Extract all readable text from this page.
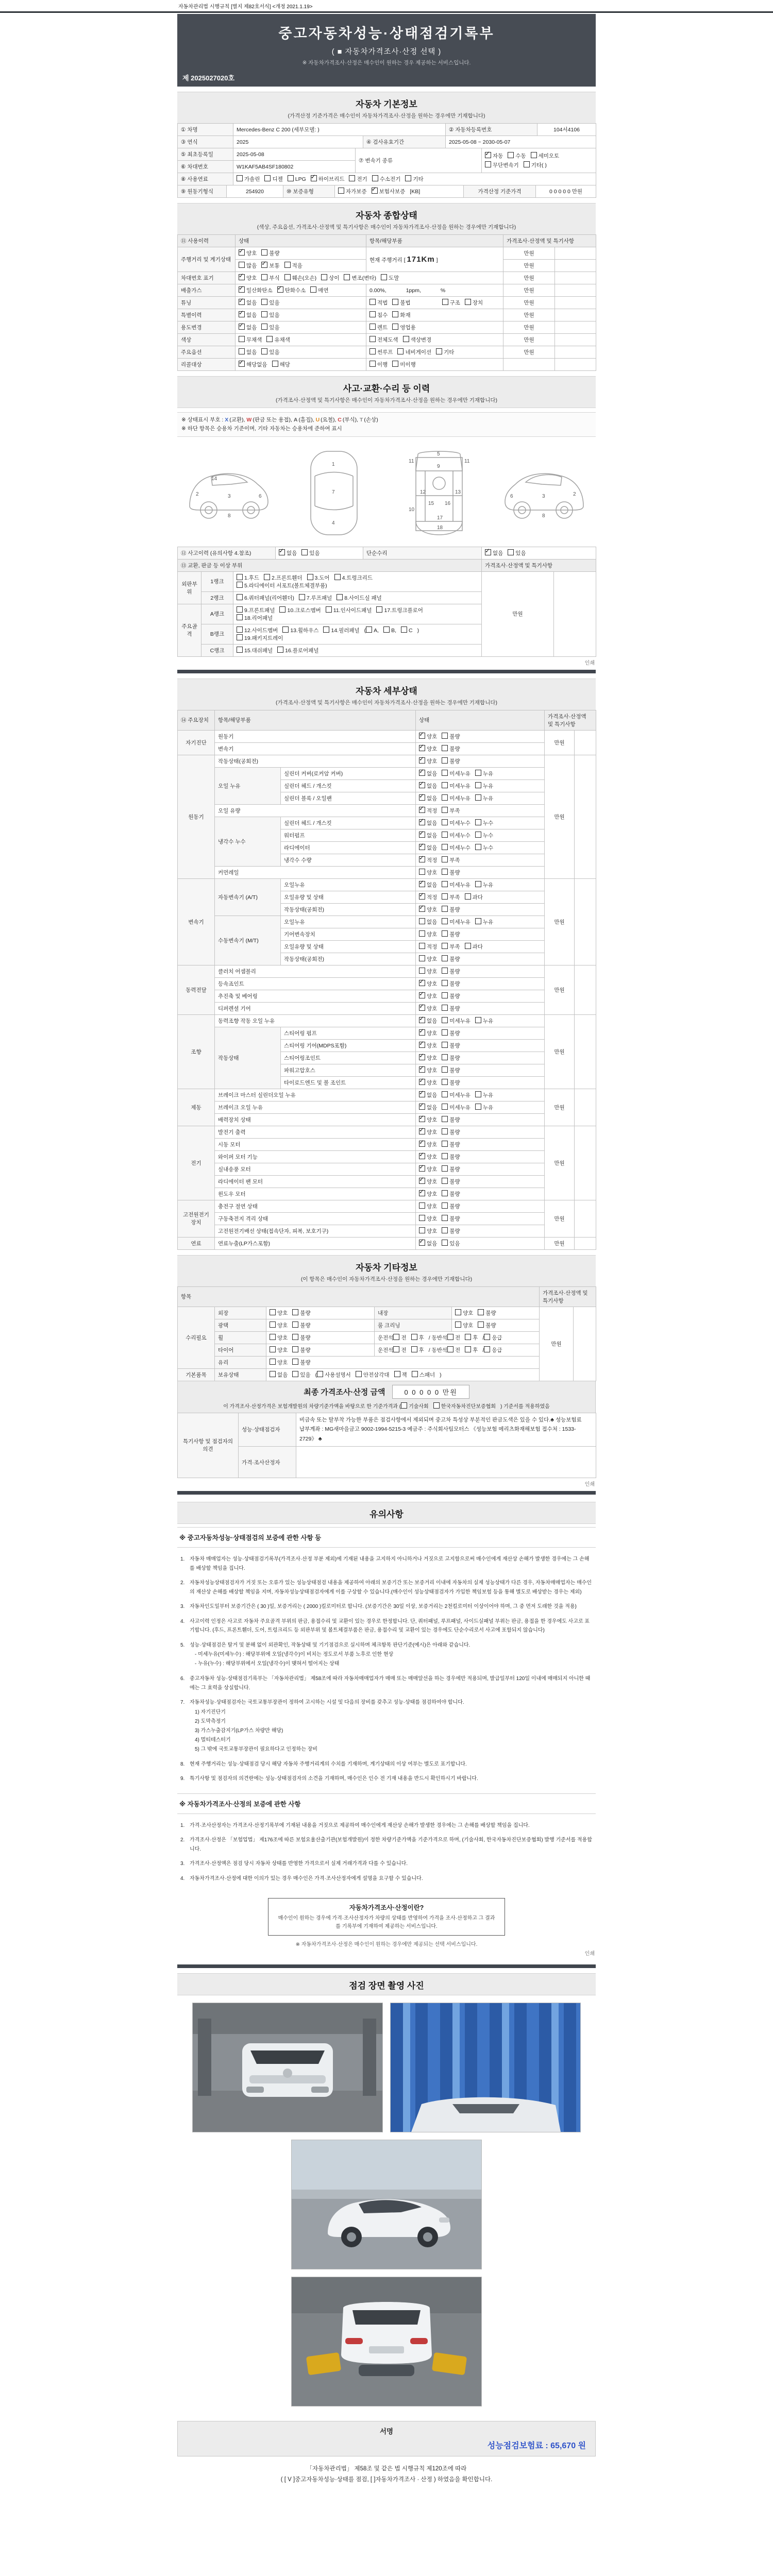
자동차관리법 시행규칙 [별지 제82호서식] <개정 2021.1.19>
중고자동차성능·상태점검기록부
( ■ 자동차가격조사·산정 선택 )
※ 자동차가격조사·산정은 매수인이 원하는 경우 제공하는 서비스입니다.
제 2025027020호
자동차 기본정보
(가격산정 기준가격은 매수인이 자동차가격조사·산정을 원하는 경우에만 기재합니다)
① 차명	Mercedes-Benz C 200 (세부모델: )	② 자동차등록번호	104서4106
③ 연식	2025	④ 검사유효기간	2025-05-08 ~ 2030-05-07
⑤ 최초등록일	2025-05-08	⑦ 변속기 종류	
✓자동 수동 세미오토
무단변속기 기타( )

⑥ 차대번호	W1KAF5AB4SF180802		
⑧ 사용연료	가솔린 디젤 LPG ✓ 하이브리드 전기 수소전기 기타
⑨ 원동기형식	254920	⑩ 보증유형	자가보증 ✓ 보험사보증 [KB]	가격산정 기준가격	0 0 0 0 0 만원
자동차 종합상태
(색상, 주요옵션, 가격조사·산정액 및 특기사항은 매수인이 자동차가격조사·산정을 원하는 경우에만 기재합니다)
⑪ 사용이력	상태	항목/해당부품	가격조사·산정액 및 특기사항	
주행거리 및 계기상태	✓양호 불량	현재 주행거리 [ 171Km ]	만원	
	많음 ✓ 보통 적음		만원	
차대번호 표기	✓양호 부식 훼손(오손) 상이 변조(변타) 도말		만원	
배출가스	✓일산화탄소 ✓ 탄화수소 매연	0.00%, 1ppm, %	만원	
튜닝	✓없음 있음	적법 불법 구조 장치	만원	
특별이력	✓없음 있음	침수 화재	만원	
용도변경	✓없음 있음	렌트 영업용	만원	
색상	무채색 유채색	전체도색 색상변경	만원	
주요옵션	없음 있음	썬루프 네비게이션 기타	만원	
리콜대상	✓해당없음 해당	이행 미이행		
사고·교환·수리 등 이력
(가격조사·산정액 및 특기사항은 매수인이 자동차가격조사·산정을 원하는 경우에만 기재합니다)
※ 상태표시 부호 : X (교환), W (판금 또는 용접), A (흠집), U (요철), C (부식), T (손상)
※ 하단 항목은 승용차 기준이며, 기타 자동차는 승용차에 준하여 표시
2	3	6
8
14
1
7
4
5
11	11
9
12	13
15 16
17
18
10
2
3
6
8
⑫ 사고이력 (유의사항 4.참조)	✓없음 있음	단순수리	✓없음 있음
⑬ 교환, 판금 등 이상 부위	가격조사·산정액 및 특기사항
외판부위	1랭크	1.후드 2.프론트휀더 3.도어 4.트렁크리드
5.라디에이터 서포트(볼트체결부품)	만원	
	2랭크	6.쿼터패널(리어휀더) 7.루프패널 8.사이드실 패널		
주요골격	A랭크	9.프론트패널 10.크로스멤버 11.인사이드패널 17.트렁크플로어
18.리어패널		
	B랭크	12.사이드멤버 13.휠하우스 14.필러패널 ( A, B, C )
19.패키지트레이		
	C랭크	15.대쉬패널 16.플로어패널		
인쇄
자동차 세부상태
(가격조사·산정액 및 특기사항은 매수인이 자동차가격조사·산정을 원하는 경우에만 기재합니다)
⑭ 주요장치	항목/해당부품		상태	가격조사·산정액 및 특기사항	
자기진단	원동기	✓양호 불량	만원	
	변속기	✓양호 불량
원동기	작동상태(공회전)	✓양호 불량	만원	
	오일 누유	실린더 커버(로커암 커버)	✓없음 미세누유 누유
		실린더 헤드 / 개스킷	✓없음 미세누유 누유
		실린더 블록 / 오일팬	✓없음 미세누유 누유
	오일 유량	✓적정 부족
	냉각수 누수	실린더 헤드 / 개스킷	✓없음 미세누수 누수
		워터펌프	✓없음 미세누수 누수
		라디에이터	✓없음 미세누수 누수
		냉각수 수량	✓적정 부족
	커먼레일		양호 불량		
변속기	자동변속기 (A/T)	오일누유	✓없음 미세누유 누유	만원	
		오일유량 및 상태	✓적정 부족 과다
		작동상태(공회전)	✓양호 불량
	수동변속기 (M/T)	오일누유	없음 미세누유 누유		
		기어변속장치	양호 불량		
		오일유량 및 상태	적정 부족 과다		
		작동상태(공회전)	양호 불량		
동력전달	클러치 어셈블리		양호 불량	만원	
	등속죠인트	✓양호 불량
	추진축 및 베어링	✓양호 불량
	디퍼렌셜 기어	✓양호 불량
조향	동력조향 작동 오일 누유	✓없음 미세누유 누유	만원	
	작동상태	스티어링 펌프	✓양호 불량
		스티어링 기어(MDPS포함)	✓양호 불량
		스티어링조인트	✓양호 불량
		파워고압호스	✓양호 불량
		타이로드엔드 및 볼 조인트	✓양호 불량
제동	브레이크 마스터 실린더오일 누유	✓없음 미세누유 누유	만원	
	브레이크 오일 누유	✓없음 미세누유 누유
	배력장치 상태	✓양호 불량
전기	발전기 출력	✓양호 불량	만원	
	시동 모터	✓양호 불량
	와이퍼 모터 기능	✓양호 불량
	실내송풍 모터	✓양호 불량
	라디에이터 팬 모터	✓양호 불량
	윈도우 모터	✓양호 불량
고전원전기장치	충전구 절연 상태		양호 불량	만원	
	구동축전지 격리 상태		양호 불량		
	고전원전기배선 상태(접속단자, 피복, 보호기구)		양호 불량		
연료	연료누출(LP가스포함)	✓없음 있음	만원	
자동차 기타정보
(이 항목은 매수인이 자동차가격조사·산정을 원하는 경우에만 기재합니다)
항목					가격조사·산정액 및 특기사항	
수리필요	외장	양호 불량	내장	양호 불량	만원	
	광택	양호 불량	룸 크리닝	양호 불량		
	휠	양호 불량	운전석 전 후 / 동반석 전 후 / 응급			
	타이어	양호 불량	운전석 전 후 / 동반석 전 후 / 응급			
	유리	양호 불량				
기본품목	보유상태	없음 있음 ( 사용설명서 안전삼각대 잭 스패너 )				
최종 가격조사·산정 금액	0 0 0 0 0 만원
이 가격조사·산정가격은 보험개발원의 차량기준가액을 바탕으로 한 기준가격과 ( 기술사회 한국자동차진단보증협회 ) 기준서를 적용하였음
특기사항 및 점검자의 의견	성능·상태점검자	비금속 또는 탈부착 가능한 부품은 점검사항에서 제외되며 중고차 특성상 부분적인 판금도색은 있을 수 있다.♣ 성능보험료 납부계좌 : MG새마을금고 9002-1994-5215-3 예금주 : 주식회사팀모터스 《성능보험 메리츠화재해보험 접수처 : 1533-2729》 ♣
	가격·조사산정자	
인쇄
유의사항
※ 중고자동차성능·상태점검의 보증에 관한 사항 등
1. 자동차 매매업자는 성능·상태점검기록부(가격조사·산정 부분 제외)에 기재된 내용을 고지하지 아니하거나 거짓으로 고지함으로써 매수인에게 재산상 손해가 발생한 경우에는 그 손해를 배상할 책임을 집니다.
2. 자동차성능상태점검자가 거짓 또는 오류가 있는 성능상태점검 내용을 제공하여 아래의 보증기간 또는 보증거리 이내에 자동차의 실제 성능상태가 다른 경우, 자동차매매업자는 매수인의 재산상 손해를 배상할 책임을 지며, 자동차성능상태점검자에게 이를 구상할 수 있습니다.(매수인이 성능상태점검자가 가입한 책임보험 등을 통해 별도로 배상받는 경우는 제외)
3. 자동차인도일부터 보증기간은 ( 30 )일, 보증거리는 ( 2000 )킬로미터로 합니다. (보증기간은 30일 이상, 보증거리는 2천킬로미터 이상이어야 하며, 그 중 먼저 도래한 것을 적용)
4. 사고이력 인정은 사고로 자동차 주요골격 부위의 판금, 용접수리 및 교환이 있는 경우로 한정합니다. 단, 쿼터패널, 루프패널, 사이드실패널 부위는 판금, 용접을 한 경우에도 사고로 표기합니다. (후드, 프론트휀더, 도어, 트렁크리드 등 외판부위 및 볼트체결부품은 판금, 용접수리 및 교환이 있는 경우에도 단순수리로서 사고에 포함되지 않습니다)
5. 성능·상태점검은 탈거 및 분해 없이 외관확인, 작동상태 및 기기점검으로 실시하며 체크항목 판단기준(예시)은 아래와 같습니다.
- 미세누유(미세누수) : 해당부위에 오일(냉각수)이 비치는 정도로서 부품 노후로 인한 현상
- 누유(누수) : 해당부위에서 오일(냉각수)이 맺혀서 떨어지는 상태
6. 중고자동차 성능·상태점검기록부는 「자동차관리법」 제58조에 따라 자동차매매업자가 매매 또는 매매알선을 하는 경우에만 적용되며, 발급일부터 120일 이내에 매매되지 아니한 때에는 그 효력을 상실합니다.
7. 자동차성능·상태점검자는 국토교통부장관이 정하여 고시하는 시설 및 다음의 장비를 갖추고 성능·상태를 점검하여야 합니다.
1) 자기진단기
2) 도막측정기
3) 가스누출감지기(LP가스 차량만 해당)
4) 멀티테스터기
5) 그 밖에 국토교통부장관이 필요하다고 인정하는 장비
8. 현재 주행거리는 성능·상태점검 당시 해당 자동차 주행거리계의 수치를 기재하며, 계기상태의 이상 여부는 별도로 표기합니다.
9. 특기사항 및 점검자의 의견란에는 성능·상태점검자의 소견을 기재하며, 매수인은 인수 전 기재 내용을 반드시 확인하시기 바랍니다.
※ 자동차가격조사·산정의 보증에 관한 사항
1. 가격·조사산정자는 가격조사·산정기록부에 기재된 내용을 거짓으로 제공하여 매수인에게 재산상 손해가 발생한 경우에는 그 손해를 배상할 책임을 집니다.
2. 가격조사·산정은 「보험업법」 제176조에 따른 보험요율산출기관(보험개발원)이 정한 차량기준가액을 기준가격으로 하며, (기술사회, 한국자동차진단보증협회) 발행 기준서를 적용합니다.
3. 가격조사·산정액은 점검 당시 자동차 상태를 반영한 가격으로서 실제 거래가격과 다를 수 있습니다.
4. 자동차가격조사·산정에 대한 이의가 있는 경우 매수인은 가격·조사산정자에게 설명을 요구할 수 있습니다.
자동차가격조사·산정이란?
매수인이 원하는 경우에 가격·조사산정자가 차량의 상태를 반영하여 가격을 조사·산정하고 그 결과를 기록부에 기재하여 제공하는 서비스입니다.
※ 자동차가격조사·산정은 매수인이 원하는 경우에만 제공되는 선택 서비스입니다.
인쇄
점검 장면 촬영 사진
서명
성능점검보험료 : 65,670 원
「자동차관리법」 제58조 및 같은 법 시행규칙 제120조에 따라
( [ V ]중고자동차성능·상태를 점검, [ ]자동차가격조사 · 산정 ) 하였음을 확인합니다.
